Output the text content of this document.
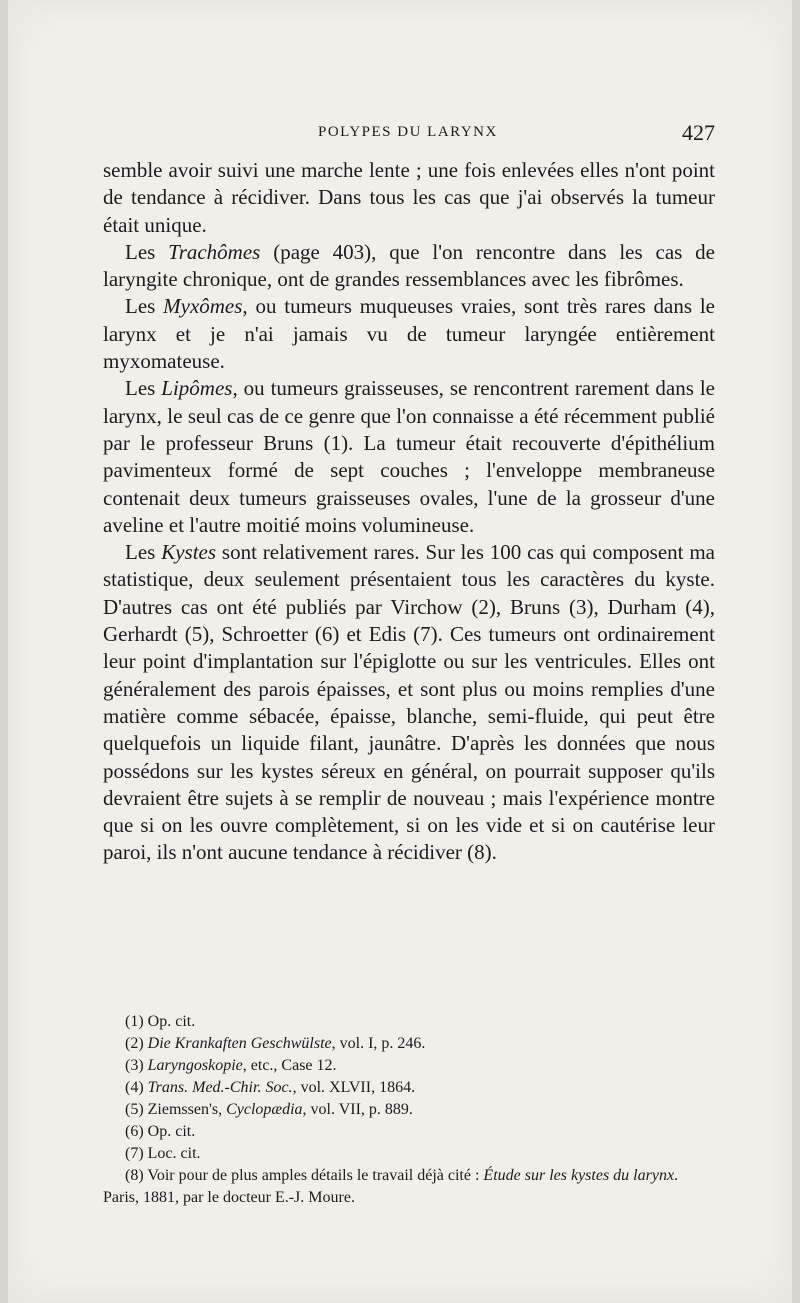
POLYPES DU LARYNX	427

semble avoir suivi une marche lente ; une fois enlevées elles n'ont point de tendance à récidiver. Dans tous les cas que j'ai observés la tumeur était unique.

Les Trachômes (page 403), que l'on rencontre dans les cas de laryngite chronique, ont de grandes ressemblances avec les fibrômes.

Les Myxômes, ou tumeurs muqueuses vraies, sont très rares dans le larynx et je n'ai jamais vu de tumeur laryngée entièrement myxomateuse.

Les Lipômes, ou tumeurs graisseuses, se rencontrent rarement dans le larynx, le seul cas de ce genre que l'on connaisse a été récemment publié par le professeur Bruns (1). La tumeur était recouverte d'épithélium pavimenteux formé de sept couches ; l'enveloppe membraneuse contenait deux tumeurs graisseuses ovales, l'une de la grosseur d'une aveline et l'autre moitié moins volumineuse.

Les Kystes sont relativement rares. Sur les 100 cas qui composent ma statistique, deux seulement présentaient tous les caractères du kyste. D'autres cas ont été publiés par Virchow (2), Bruns (3), Durham (4), Gerhardt (5), Schroetter (6) et Edis (7). Ces tumeurs ont ordinairement leur point d'implantation sur l'épiglotte ou sur les ventricules. Elles ont généralement des parois épaisses, et sont plus ou moins remplies d'une matière comme sébacée, épaisse, blanche, semi-fluide, qui peut être quelquefois un liquide filant, jaunâtre. D'après les données que nous possédons sur les kystes séreux en général, on pourrait supposer qu'ils devraient être sujets à se remplir de nouveau ; mais l'expérience montre que si on les ouvre complètement, si on les vide et si on cautérise leur paroi, ils n'ont aucune tendance à récidiver (8).

(1) Op. cit.

(2) Die Krankaften Geschwülste, vol. I, p. 246.

(3) Laryngoskopie, etc., Case 12.

(4) Trans. Med.-Chir. Soc., vol. XLVII, 1864.

(5) Ziemssen's, Cyclopædia, vol. VII, p. 889.

(6) Op. cit.

(7) Loc. cit.

(8) Voir pour de plus amples détails le travail déjà cité : Étude sur les kystes du larynx. Paris, 1881, par le docteur E.-J. Moure.
